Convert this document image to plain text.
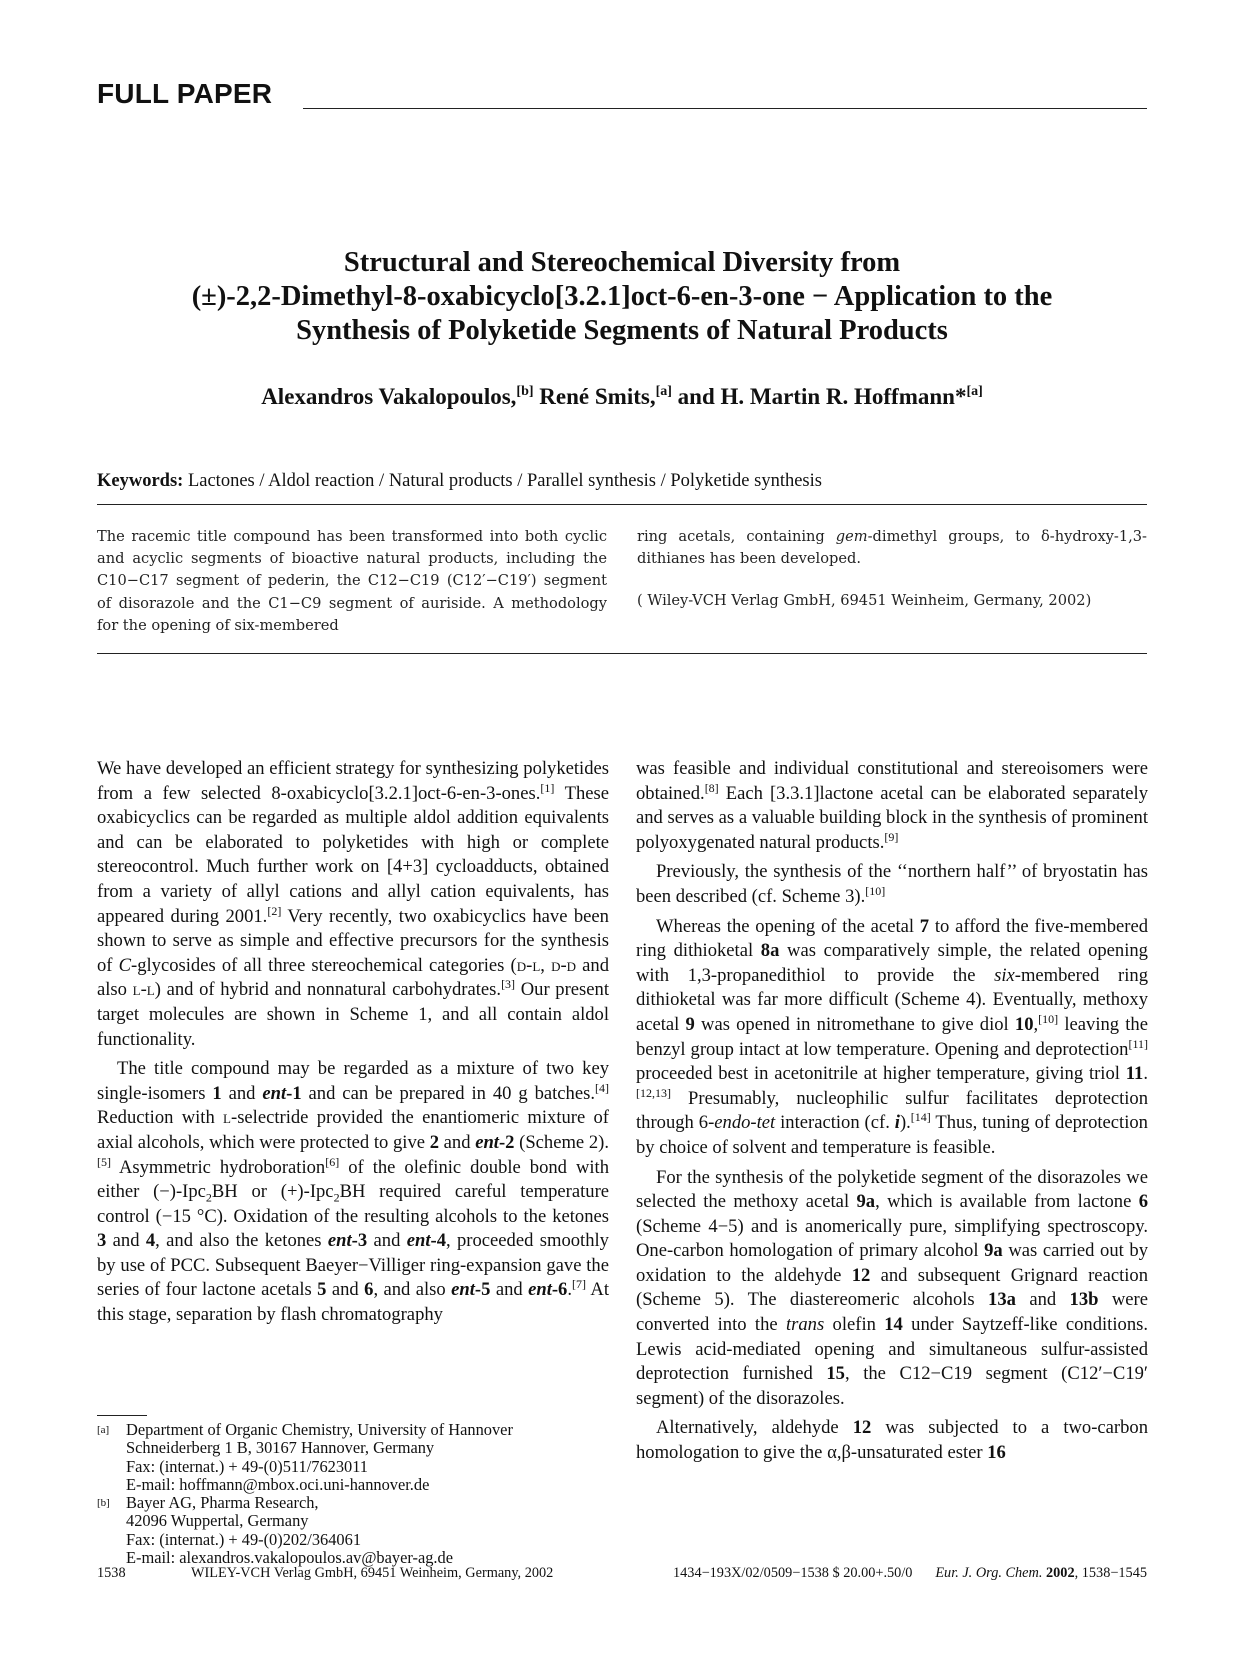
FULL PAPER
Structural and Stereochemical Diversity from
(±)-2,2-Dimethyl-8-oxabicyclo[3.2.1]oct-6-en-3-one − Application to the
Synthesis of Polyketide Segments of Natural Products
Alexandros Vakalopoulos,[b] René Smits,[a] and H. Martin R. Hoffmann*[a]
Keywords: Lactones / Aldol reaction / Natural products / Parallel synthesis / Polyketide synthesis

The racemic title compound has been transformed into both cyclic and acyclic segments of bioactive natural products, including the C10−C17 segment of pederin, the C12−C19 (C12′−C19′) segment of disorazole and the C1−C9 segment of auriside. A methodology for the opening of six-membered

ring acetals, containing gem-dimethyl groups, to δ-hydroxy-1,3-dithianes has been developed.

( Wiley-VCH Verlag GmbH, 69451 Weinheim, Germany, 2002)

We have developed an efficient strategy for synthesizing polyketides from a few selected 8-oxabicyclo[3.2.1]oct-6-en-3-ones.[1] These oxabicyclics can be regarded as multiple aldol addition equivalents and can be elaborated to polyketides with high or complete stereocontrol. Much further work on [4+3] cycloadducts, obtained from a variety of allyl cations and allyl cation equivalents, has appeared during 2001.[2] Very recently, two oxabicyclics have been shown to serve as simple and effective precursors for the synthesis of C-glycosides of all three stereochemical categories (d-l, d-d and also l-l) and of hybrid and nonnatural carbohydrates.[3] Our present target molecules are shown in Scheme 1, and all contain aldol functionality.

The title compound may be regarded as a mixture of two key single-isomers 1 and ent-1 and can be prepared in 40 g batches.[4] Reduction with l-selectride provided the enantiomeric mixture of axial alcohols, which were protected to give 2 and ent-2 (Scheme 2).[5] Asymmetric hydroboration[6] of the olefinic double bond with either (−)-Ipc$_2$BH or (+)-Ipc$_2$BH required careful temperature control (−15 °C). Oxidation of the resulting alcohols to the ketones 3 and 4, and also the ketones ent-3 and ent-4, proceeded smoothly by use of PCC. Subsequent Baeyer−Villiger ring-expansion gave the series of four lactone acetals 5 and 6, and also ent-5 and ent-6.[7] At this stage, separation by flash chromatography

was feasible and individual constitutional and stereoisomers were obtained.[8] Each [3.3.1]lactone acetal can be elaborated separately and serves as a valuable building block in the synthesis of prominent polyoxygenated natural products.[9]

Previously, the synthesis of the ‘‘northern half’’ of bryostatin has been described (cf. Scheme 3).[10]

Whereas the opening of the acetal 7 to afford the five-membered ring dithioketal 8a was comparatively simple, the related opening with 1,3-propanedithiol to provide the six-membered ring dithioketal was far more difficult (Scheme 4). Eventually, methoxy acetal 9 was opened in nitromethane to give diol 10,[10] leaving the benzyl group intact at low temperature. Opening and deprotection[11] proceeded best in acetonitrile at higher temperature, giving triol 11.[12,13] Presumably, nucleophilic sulfur facilitates deprotection through 6-endo-tet interaction (cf. i).[14] Thus, tuning of deprotection by choice of solvent and temperature is feasible.

For the synthesis of the polyketide segment of the disorazoles we selected the methoxy acetal 9a, which is available from lactone 6 (Scheme 4−5) and is anomerically pure, simplifying spectroscopy. One-carbon homologation of primary alcohol 9a was carried out by oxidation to the aldehyde 12 and subsequent Grignard reaction (Scheme 5). The diastereomeric alcohols 13a and 13b were converted into the trans olefin 14 under Saytzeff-like conditions. Lewis acid-mediated opening and simultaneous sulfur-assisted deprotection furnished 15, the C12−C19 segment (C12′−C19′ segment) of the disorazoles.

Alternatively, aldehyde 12 was subjected to a two-carbon homologation to give the α,β-unsaturated ester 16

[a] Department of Organic Chemistry, University of Hannover
Schneiderberg 1 B, 30167 Hannover, Germany
Fax: (internat.) + 49-(0)511/7623011
E-mail: hoffmann@mbox.oci.uni-hannover.de
[b] Bayer AG, Pharma Research,
42096 Wuppertal, Germany
Fax: (internat.) + 49-(0)202/364061
E-mail: alexandros.vakalopoulos.av@bayer-ag.de
1538	WILEY-VCH Verlag GmbH, 69451 Weinheim, Germany, 2002	1434−193X/02/0509−1538 $ 20.00+.50/0 Eur. J. Org. Chem. 2002, 1538−1545
